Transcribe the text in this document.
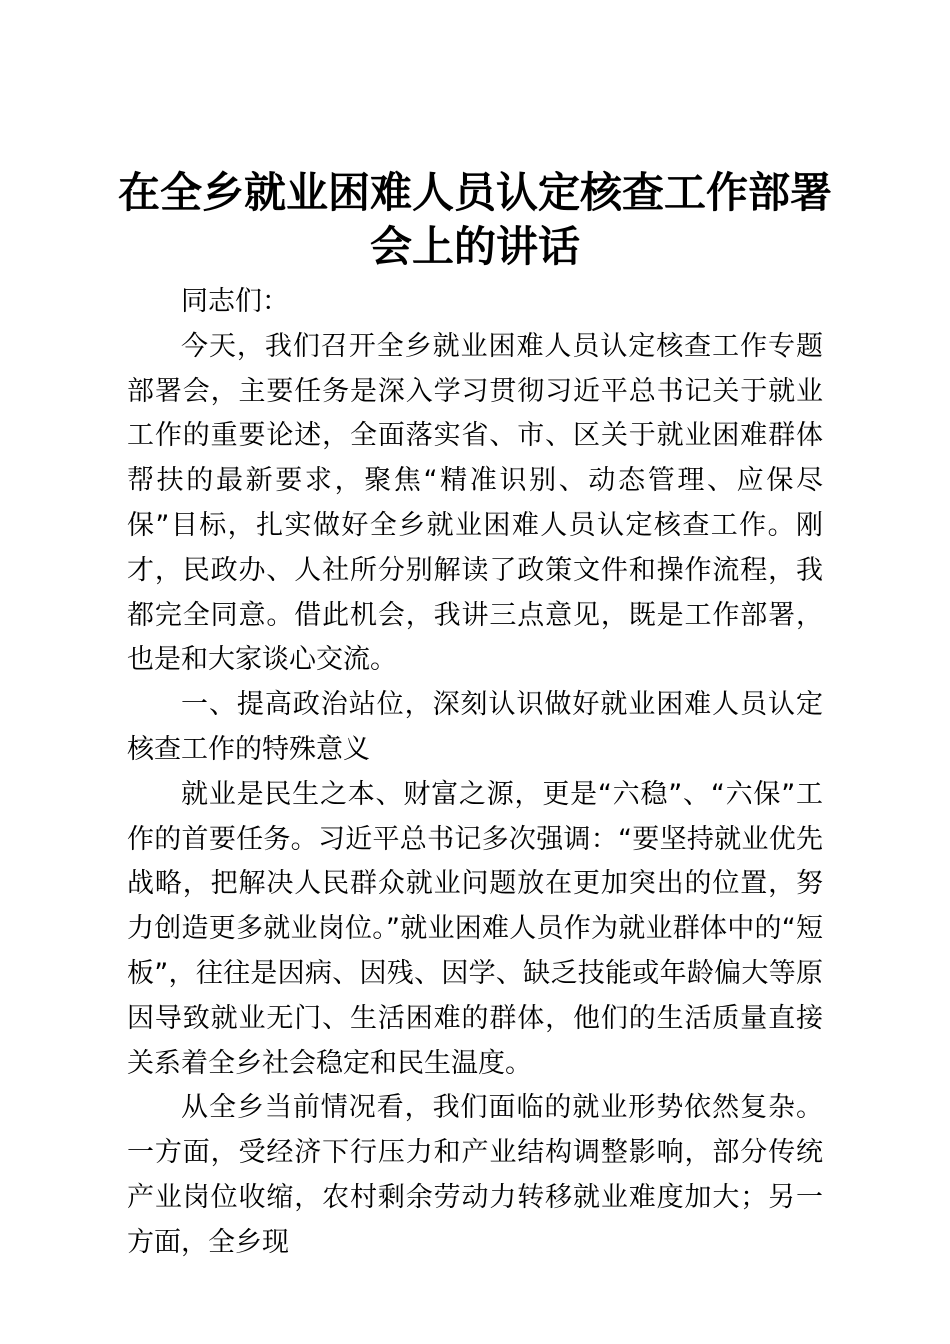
在全乡就业困难人员认定核查工作部署会上的讲话

同志们：

今天，我们召开全乡就业困难人员认定核查工作专题部署会，主要任务是深入学习贯彻习近平总书记关于就业工作的重要论述，全面落实省、市、区关于就业困难群体帮扶的最新要求，聚焦“精准识别、动态管理、应保尽保”目标，扎实做好全乡就业困难人员认定核查工作。刚才，民政办、人社所分别解读了政策文件和操作流程，我都完全同意。借此机会，我讲三点意见，既是工作部署，也是和大家谈心交流。

一、提高政治站位，深刻认识做好就业困难人员认定核查工作的特殊意义

就业是民生之本、财富之源，更是“六稳”、“六保”工作的首要任务。习近平总书记多次强调：“要坚持就业优先战略，把解决人民群众就业问题放在更加突出的位置，努力创造更多就业岗位。”就业困难人员作为就业群体中的“短板”，往往是因病、因残、因学、缺乏技能或年龄偏大等原因导致就业无门、生活困难的群体，他们的生活质量直接关系着全乡社会稳定和民生温度。

从全乡当前情况看，我们面临的就业形势依然复杂。一方面，受经济下行压力和产业结构调整影响，部分传统产业岗位收缩，农村剩余劳动力转移就业难度加大；另一方面，全乡现
